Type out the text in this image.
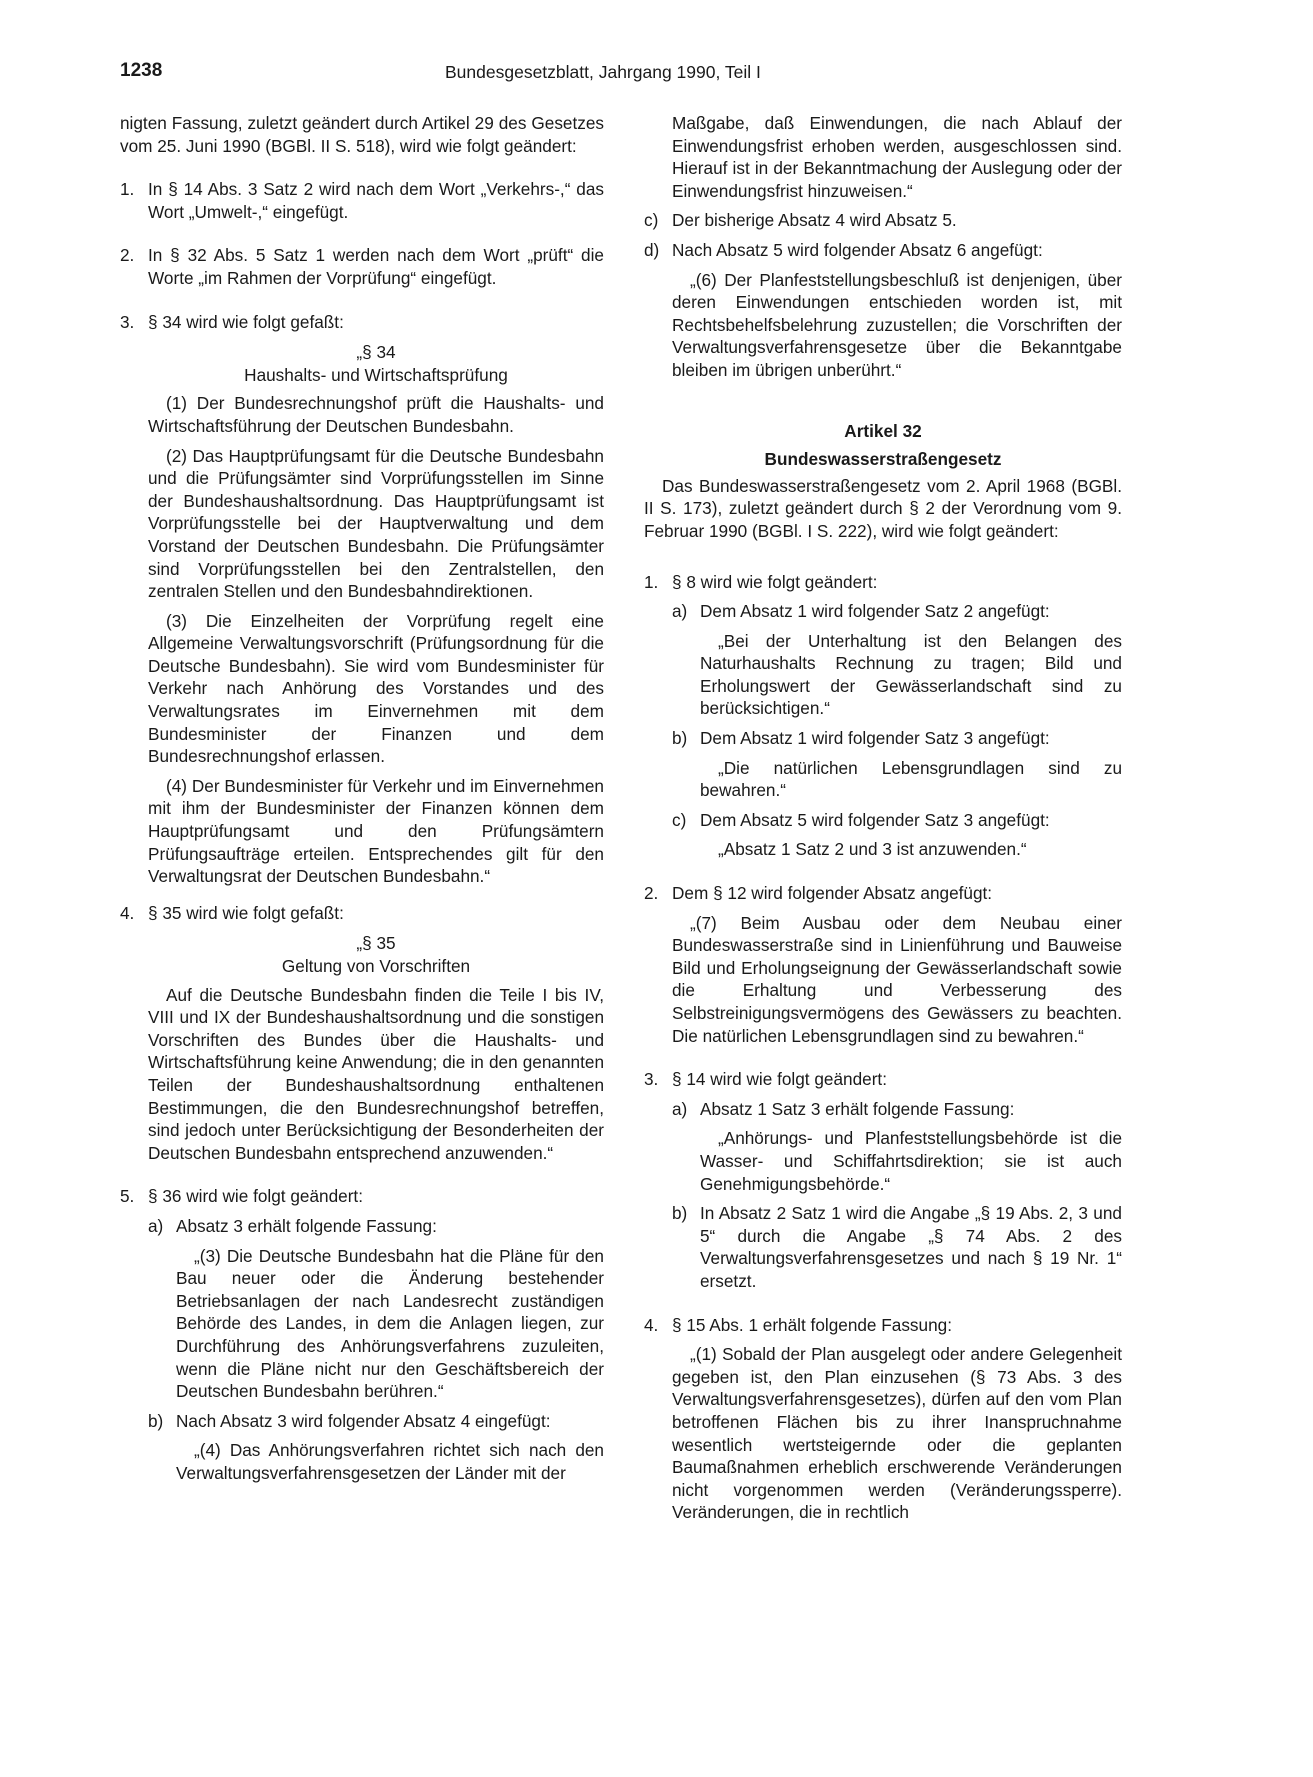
1238	Bundesgesetzblatt, Jahrgang 1990, Teil I

nigten Fassung, zuletzt geändert durch Artikel 29 des Gesetzes vom 25. Juni 1990 (BGBl. II S. 518), wird wie folgt geändert:

1. In § 14 Abs. 3 Satz 2 wird nach dem Wort „Verkehrs-,“ das Wort „Umwelt-,“ eingefügt.

2. In § 32 Abs. 5 Satz 1 werden nach dem Wort „prüft“ die Worte „im Rahmen der Vorprüfung“ eingefügt.

3. § 34 wird wie folgt gefaßt:

„§ 34

Haushalts- und Wirtschaftsprüfung

(1) Der Bundesrechnungshof prüft die Haushalts- und Wirtschaftsführung der Deutschen Bundesbahn.

(2) Das Hauptprüfungsamt für die Deutsche Bundesbahn und die Prüfungsämter sind Vorprüfungsstellen im Sinne der Bundeshaushaltsordnung. Das Hauptprüfungsamt ist Vorprüfungsstelle bei der Hauptverwaltung und dem Vorstand der Deutschen Bundesbahn. Die Prüfungsämter sind Vorprüfungsstellen bei den Zentralstellen, den zentralen Stellen und den Bundesbahndirektionen.

(3) Die Einzelheiten der Vorprüfung regelt eine Allgemeine Verwaltungsvorschrift (Prüfungsordnung für die Deutsche Bundesbahn). Sie wird vom Bundesminister für Verkehr nach Anhörung des Vorstandes und des Verwaltungsrates im Einvernehmen mit dem Bundesminister der Finanzen und dem Bundesrechnungshof erlassen.

(4) Der Bundesminister für Verkehr und im Einvernehmen mit ihm der Bundesminister der Finanzen können dem Hauptprüfungsamt und den Prüfungsämtern Prüfungsaufträge erteilen. Entsprechendes gilt für den Verwaltungsrat der Deutschen Bundesbahn.“

4. § 35 wird wie folgt gefaßt:

„§ 35

Geltung von Vorschriften

Auf die Deutsche Bundesbahn finden die Teile I bis IV, VIII und IX der Bundeshaushaltsordnung und die sonstigen Vorschriften des Bundes über die Haushalts- und Wirtschaftsführung keine Anwendung; die in den genannten Teilen der Bundeshaushaltsordnung enthaltenen Bestimmungen, die den Bundesrechnungshof betreffen, sind jedoch unter Berücksichtigung der Besonderheiten der Deutschen Bundesbahn entsprechend anzuwenden.“

5. § 36 wird wie folgt geändert:

a) Absatz 3 erhält folgende Fassung:

„(3) Die Deutsche Bundesbahn hat die Pläne für den Bau neuer oder die Änderung bestehender Betriebsanlagen der nach Landesrecht zuständigen Behörde des Landes, in dem die Anlagen liegen, zur Durchführung des Anhörungsverfahrens zuzuleiten, wenn die Pläne nicht nur den Geschäftsbereich der Deutschen Bundesbahn berühren.“

b) Nach Absatz 3 wird folgender Absatz 4 eingefügt:

„(4) Das Anhörungsverfahren richtet sich nach den Verwaltungsverfahrensgesetzen der Länder mit der

Maßgabe, daß Einwendungen, die nach Ablauf der Einwendungsfrist erhoben werden, ausgeschlossen sind. Hierauf ist in der Bekanntmachung der Auslegung oder der Einwendungsfrist hinzuweisen.“

c) Der bisherige Absatz 4 wird Absatz 5.

d) Nach Absatz 5 wird folgender Absatz 6 angefügt:

„(6) Der Planfeststellungsbeschluß ist denjenigen, über deren Einwendungen entschieden worden ist, mit Rechtsbehelfsbelehrung zuzustellen; die Vorschriften der Verwaltungsverfahrensgesetze über die Bekanntgabe bleiben im übrigen unberührt.“

Artikel 32

Bundeswasserstraßengesetz

Das Bundeswasserstraßengesetz vom 2. April 1968 (BGBl. II S. 173), zuletzt geändert durch § 2 der Verordnung vom 9. Februar 1990 (BGBl. I S. 222), wird wie folgt geändert:

1. § 8 wird wie folgt geändert:

a) Dem Absatz 1 wird folgender Satz 2 angefügt:

„Bei der Unterhaltung ist den Belangen des Naturhaushalts Rechnung zu tragen; Bild und Erholungswert der Gewässerlandschaft sind zu berücksichtigen.“

b) Dem Absatz 1 wird folgender Satz 3 angefügt:

„Die natürlichen Lebensgrundlagen sind zu bewahren.“

c) Dem Absatz 5 wird folgender Satz 3 angefügt:

„Absatz 1 Satz 2 und 3 ist anzuwenden.“

2. Dem § 12 wird folgender Absatz angefügt:

„(7) Beim Ausbau oder dem Neubau einer Bundeswasserstraße sind in Linienführung und Bauweise Bild und Erholungseignung der Gewässerlandschaft sowie die Erhaltung und Verbesserung des Selbstreinigungsvermögens des Gewässers zu beachten. Die natürlichen Lebensgrundlagen sind zu bewahren.“

3. § 14 wird wie folgt geändert:

a) Absatz 1 Satz 3 erhält folgende Fassung:

„Anhörungs- und Planfeststellungsbehörde ist die Wasser- und Schiffahrtsdirektion; sie ist auch Genehmigungsbehörde.“

b) In Absatz 2 Satz 1 wird die Angabe „§ 19 Abs. 2, 3 und 5“ durch die Angabe „§ 74 Abs. 2 des Verwaltungsverfahrensgesetzes und nach § 19 Nr. 1“ ersetzt.

4. § 15 Abs. 1 erhält folgende Fassung:

„(1) Sobald der Plan ausgelegt oder andere Gelegenheit gegeben ist, den Plan einzusehen (§ 73 Abs. 3 des Verwaltungsverfahrensgesetzes), dürfen auf den vom Plan betroffenen Flächen bis zu ihrer Inanspruchnahme wesentlich wertsteigernde oder die geplanten Baumaßnahmen erheblich erschwerende Veränderungen nicht vorgenommen werden (Veränderungssperre). Veränderungen, die in rechtlich
